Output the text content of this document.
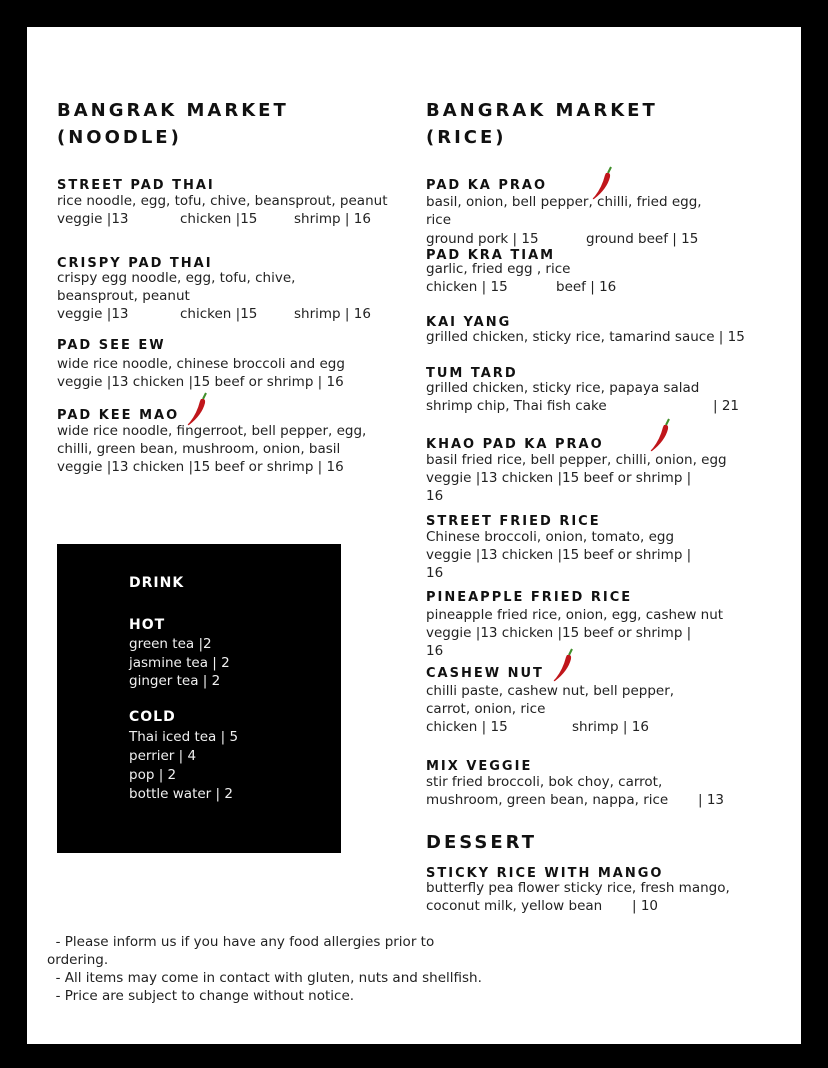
BANGRAK MARKET
(NOODLE)
STREET PAD THAI
rice noodle, egg, tofu, chive, beansprout, peanut
veggie |13	chicken |15	shrimp | 16
CRISPY PAD THAI
crispy egg noodle, egg, tofu, chive,
beansprout, peanut
veggie |13	chicken |15	shrimp | 16
PAD SEE EW
wide rice noodle, chinese broccoli and egg
veggie |13 chicken |15 beef or shrimp | 16
PAD KEE MAO
wide rice noodle, fingerroot, bell pepper, egg,
chilli, green bean, mushroom, onion, basil
veggie |13 chicken |15 beef or shrimp | 16
DRINK
HOT
green tea |2
jasmine tea | 2
ginger tea | 2
COLD
Thai iced tea | 5
perrier | 4
pop | 2
bottle water | 2
BANGRAK MARKET
(RICE)
PAD KA PRAO
basil, onion, bell pepper, chilli, fried egg,
rice
ground pork | 15	ground beef | 15
PAD KRA TIAM
garlic, fried egg , rice
chicken | 15	beef | 16
KAI YANG
grilled chicken, sticky rice, tamarind sauce | 15
TUM TARD
grilled chicken, sticky rice, papaya salad
shrimp chip, Thai fish cake	| 21
KHAO PAD KA PRAO
basil fried rice, bell pepper, chilli, onion, egg
veggie |13 chicken |15 beef or shrimp |
16
STREET FRIED RICE
Chinese broccoli, onion, tomato, egg
veggie |13 chicken |15 beef or shrimp |
16
PINEAPPLE FRIED RICE
pineapple fried rice, onion, egg, cashew nut
veggie |13 chicken |15 beef or shrimp |
16
CASHEW NUT
chilli paste, cashew nut, bell pepper,
carrot, onion, rice
chicken | 15	shrimp | 16
MIX VEGGIE
stir fried broccoli, bok choy, carrot,
mushroom, green bean, nappa, rice | 13
DESSERT
STICKY RICE WITH MANGO
butterfly pea flower sticky rice, fresh mango,
coconut milk, yellow bean | 10
- Please inform us if you have any food allergies prior to
ordering.
- All items may come in contact with gluten, nuts and shellfish.
- Price are subject to change without notice.
